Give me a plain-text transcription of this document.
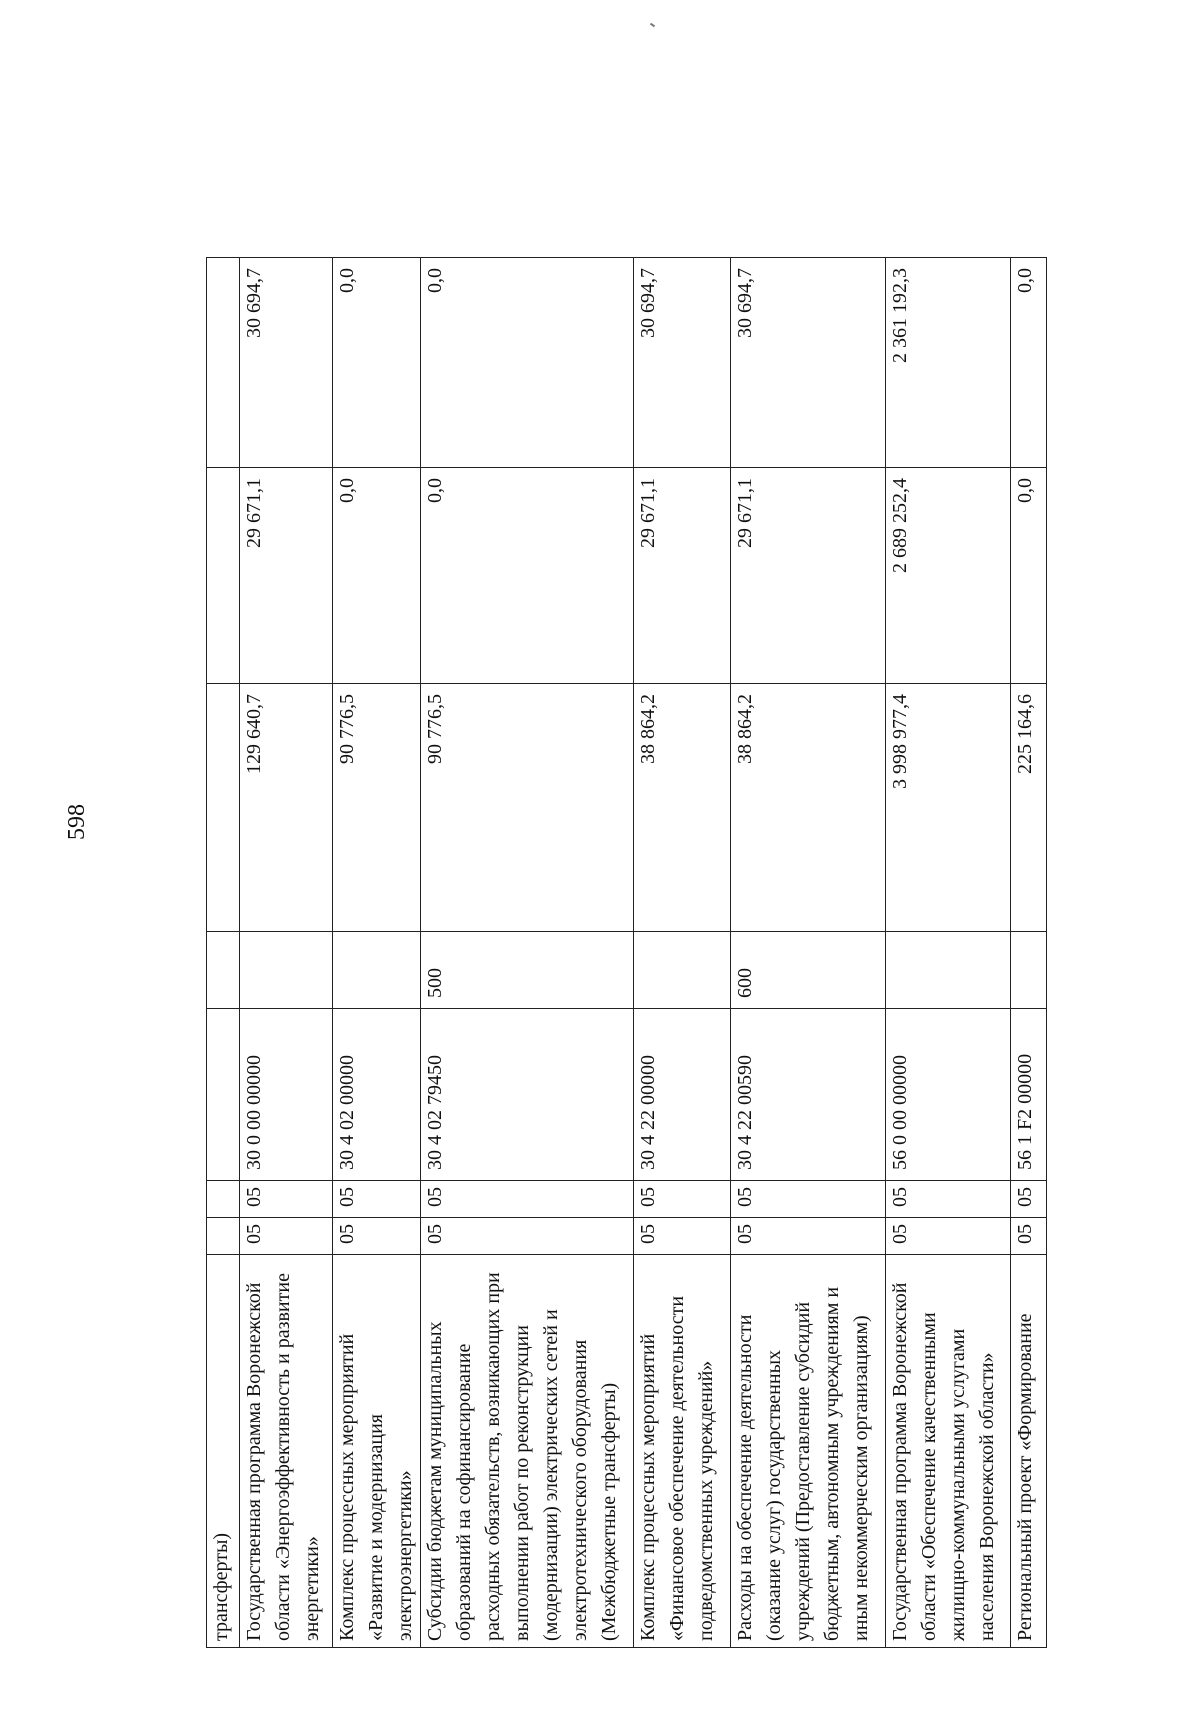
598
трансферты)							
Государственная программа Воронежской области «Энергоэффективность и развитие энергетики»	05	05	30 0 00 00000		129 640,7	29 671,1	30 694,7
Комплекс процессных мероприятий «Развитие и модернизация электроэнергетики»	05	05	30 4 02 00000		90 776,5	0,0	0,0
Субсидии бюджетам муниципальных образований на софинансирование расходных обязательств, возникающих при выполнении работ по реконструкции (модернизации) электрических сетей и электротехнического оборудования (Межбюджетные трансферты)	05	05	30 4 02 79450	500	90 776,5	0,0	0,0
Комплекс процессных мероприятий «Финансовое обеспечение деятельности подведомственных учреждений»	05	05	30 4 22 00000		38 864,2	29 671,1	30 694,7
Расходы на обеспечение деятельности (оказание услуг) государственных учреждений (Предоставление субсидий бюджетным, автономным учреждениям и иным некоммерческим организациям)	05	05	30 4 22 00590	600	38 864,2	29 671,1	30 694,7
Государственная программа Воронежской области «Обеспечение качественными жилищно-коммунальными услугами населения Воронежской области»	05	05	56 0 00 00000		3 998 977,4	2 689 252,4	2 361 192,3
Региональный проект «Формирование	05	05	56 1 F2 00000		225 164,6	0,0	0,0
